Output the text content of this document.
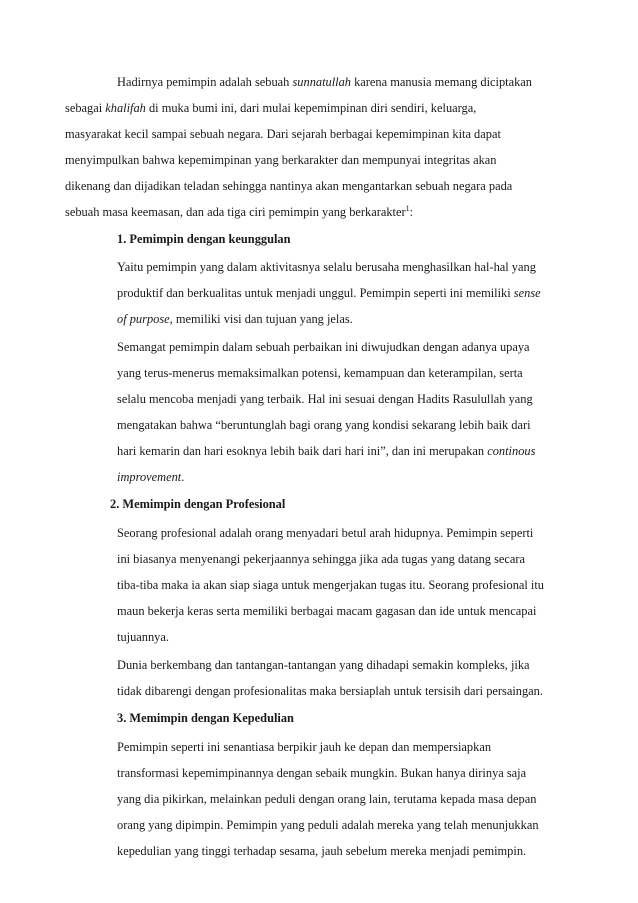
Hadirnya pemimpin adalah sebuah sunnatullah karena manusia memang diciptakan
sebagai khalifah di muka bumi ini, dari mulai kepemimpinan diri sendiri, keluarga,
masyarakat kecil sampai sebuah negara. Dari sejarah berbagai kepemimpinan kita dapat
menyimpulkan bahwa kepemimpinan yang berkarakter dan mempunyai integritas akan
dikenang dan dijadikan teladan sehingga nantinya akan mengantarkan sebuah negara pada
sebuah masa keemasan, dan ada tiga ciri pemimpin yang berkarakter$^1$:
1. Pemimpin dengan keunggulan
Yaitu pemimpin yang dalam aktivitasnya selalu berusaha menghasilkan hal-hal yang
produktif dan berkualitas untuk menjadi unggul. Pemimpin seperti ini memiliki sense
of purpose, memiliki visi dan tujuan yang jelas.
Semangat pemimpin dalam sebuah perbaikan ini diwujudkan dengan adanya upaya
yang terus-menerus memaksimalkan potensi, kemampuan dan keterampilan, serta
selalu mencoba menjadi yang terbaik. Hal ini sesuai dengan Hadits Rasulullah yang
mengatakan bahwa “beruntunglah bagi orang yang kondisi sekarang lebih baik dari
hari kemarin dan hari esoknya lebih baik dari hari ini”, dan ini merupakan continous
improvement.
2. Memimpin dengan Profesional
Seorang profesional adalah orang menyadari betul arah hidupnya. Pemimpin seperti
ini biasanya menyenangi pekerjaannya sehingga jika ada tugas yang datang secara
tiba-tiba maka ia akan siap siaga untuk mengerjakan tugas itu. Seorang profesional itu
maun bekerja keras serta memiliki berbagai macam gagasan dan ide untuk mencapai
tujuannya.
Dunia berkembang dan tantangan-tantangan yang dihadapi semakin kompleks, jika
tidak dibarengi dengan profesionalitas maka bersiaplah untuk tersisih dari persaingan.
3. Memimpin dengan Kepedulian
Pemimpin seperti ini senantiasa berpikir jauh ke depan dan mempersiapkan
transformasi kepemimpinannya dengan sebaik mungkin. Bukan hanya dirinya saja
yang dia pikirkan, melainkan peduli dengan orang lain, terutama kepada masa depan
orang yang dipimpin. Pemimpin yang peduli adalah mereka yang telah menunjukkan
kepedulian yang tinggi terhadap sesama, jauh sebelum mereka menjadi pemimpin.
